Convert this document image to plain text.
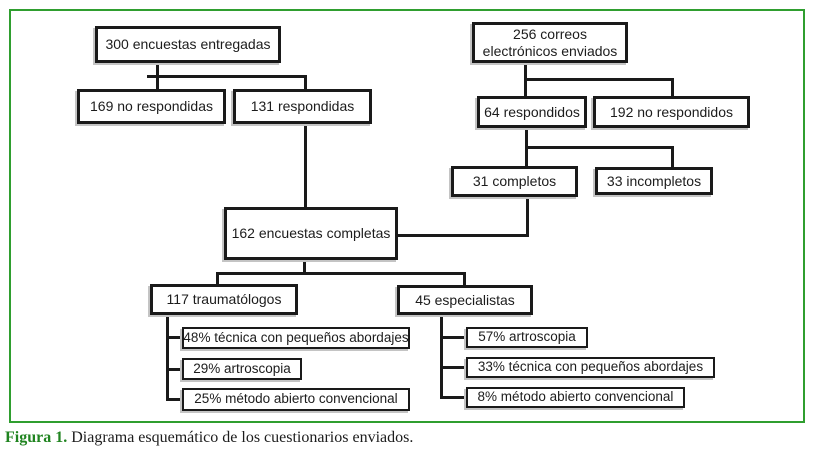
300 encuestas entregadas
169 no respondidas	131 respondidas
256 correos electrónicos enviados
64 respondidos	192 no respondidos
31 completos	33 incompletos
162 encuestas completas
117 traumatólogos	45 especialistas
48% técnica con pequeños abordajes
29% artroscopia
25% método abierto convencional
57% artroscopia
33% técnica con pequeños abordajes
8% método abierto convencional

Figura 1. Diagrama esquemático de los cuestionarios enviados.
